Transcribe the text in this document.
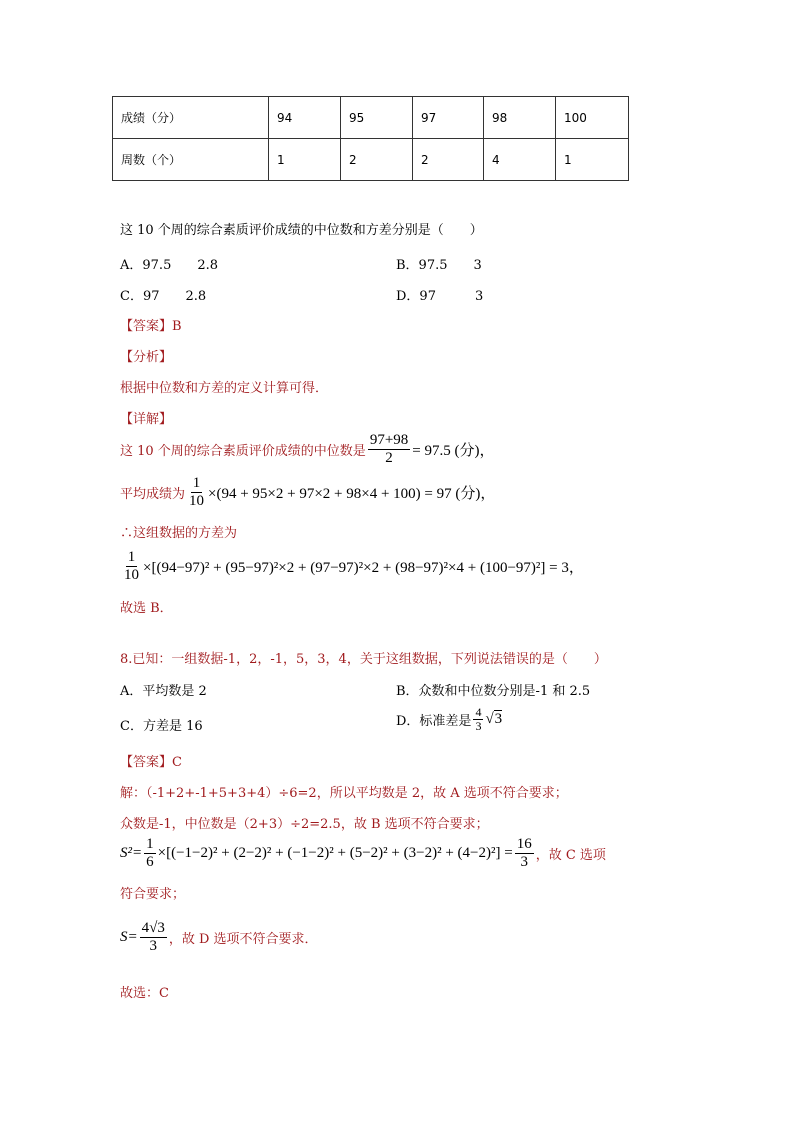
成绩（分）	94	95	97	98	100
周数（个）	1	2	2	4	1
这 10 个周的综合素质评价成绩的中位数和方差分别是（　　）
A．97.5　　2.8	B．97.5　　3
C．97　　2.8	D．97　　　3
【答案】B
【分析】
根据中位数和方差的定义计算可得．
【详解】
这 10 个周的综合素质评价成绩的中位数是 $\frac{97+98}{2} = 97.5$ (分)，
平均成绩为 $\frac{1}{10} \times(94 + 95\times 2 + 97\times 2 + 98\times 4 + 100) = 97$ (分)，
∴这组数据的方差为
$\frac{1}{10} \times[(94-97)^2 + (95-97)^2\times 2 + (97-97)^2\times 2 + (98-97)^2\times 4 + (100-97)^2] = 3$，
故选 B．
8.已知：一组数据-1，2，-1，5，3，4，关于这组数据，下列说法错误的是（　　）
A．平均数是 2	B．众数和中位数分别是-1 和 2.5
C．方差是 16	D．标准差是 $\frac{4}{3} √3$
【答案】C
解：（-1+2+-1+5+3+4）÷6=2，所以平均数是 2，故 A 选项不符合要求；
众数是-1，中位数是（2+3）÷2=2.5，故 B 选项不符合要求；
$S^2= \frac{1}{6} \times[(-1-2)^2 + (2-2)^2 + (-1-2)^2 + (5-2)^2 + (3-2)^2 + (4-2)^2] = \frac{16}{3}$ ，故 C 选项
符合要求；
$S= \frac{4√3}{3}$ ，故 D 选项不符合要求．
故选：C
